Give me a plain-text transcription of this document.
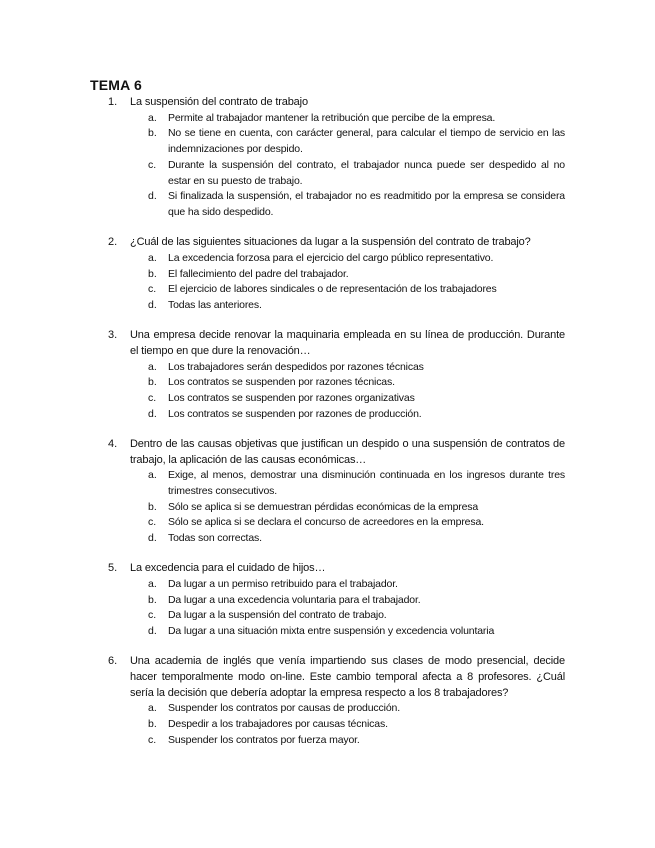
TEMA 6
1. La suspensión del contrato de trabajo
a. Permite al trabajador mantener la retribución que percibe de la empresa.
b. No se tiene en cuenta, con carácter general, para calcular el tiempo de servicio en las indemnizaciones por despido.
c. Durante la suspensión del contrato, el trabajador nunca puede ser despedido al no estar en su puesto de trabajo.
d. Si finalizada la suspensión, el trabajador no es readmitido por la empresa se considera que ha sido despedido.
2. ¿Cuál de las siguientes situaciones da lugar a la suspensión del contrato de trabajo?
a. La excedencia forzosa para el ejercicio del cargo público representativo.
b. El fallecimiento del padre del trabajador.
c. El ejercicio de labores sindicales o de representación de los trabajadores
d. Todas las anteriores.
3. Una empresa decide renovar la maquinaria empleada en su línea de producción. Durante el tiempo en que dure la renovación…
a. Los trabajadores serán despedidos por razones técnicas
b. Los contratos se suspenden por razones técnicas.
c. Los contratos se suspenden por razones organizativas
d. Los contratos se suspenden por razones de producción.
4. Dentro de las causas objetivas que justifican un despido o una suspensión de contratos de trabajo, la aplicación de las causas económicas…
a. Exige, al menos, demostrar una disminución continuada en los ingresos durante tres trimestres consecutivos.
b. Sólo se aplica si se demuestran pérdidas económicas de la empresa
c. Sólo se aplica si se declara el concurso de acreedores en la empresa.
d. Todas son correctas.
5. La excedencia para el cuidado de hijos…
a. Da lugar a un permiso retribuido para el trabajador.
b. Da lugar a una excedencia voluntaria para el trabajador.
c. Da lugar a la suspensión del contrato de trabajo.
d. Da lugar a una situación mixta entre suspensión y excedencia voluntaria
6. Una academia de inglés que venía impartiendo sus clases de modo presencial, decide hacer temporalmente modo on-line. Este cambio temporal afecta a 8 profesores. ¿Cuál sería la decisión que debería adoptar la empresa respecto a los 8 trabajadores?
a. Suspender los contratos por causas de producción.
b. Despedir a los trabajadores por causas técnicas.
c. Suspender los contratos por fuerza mayor.
